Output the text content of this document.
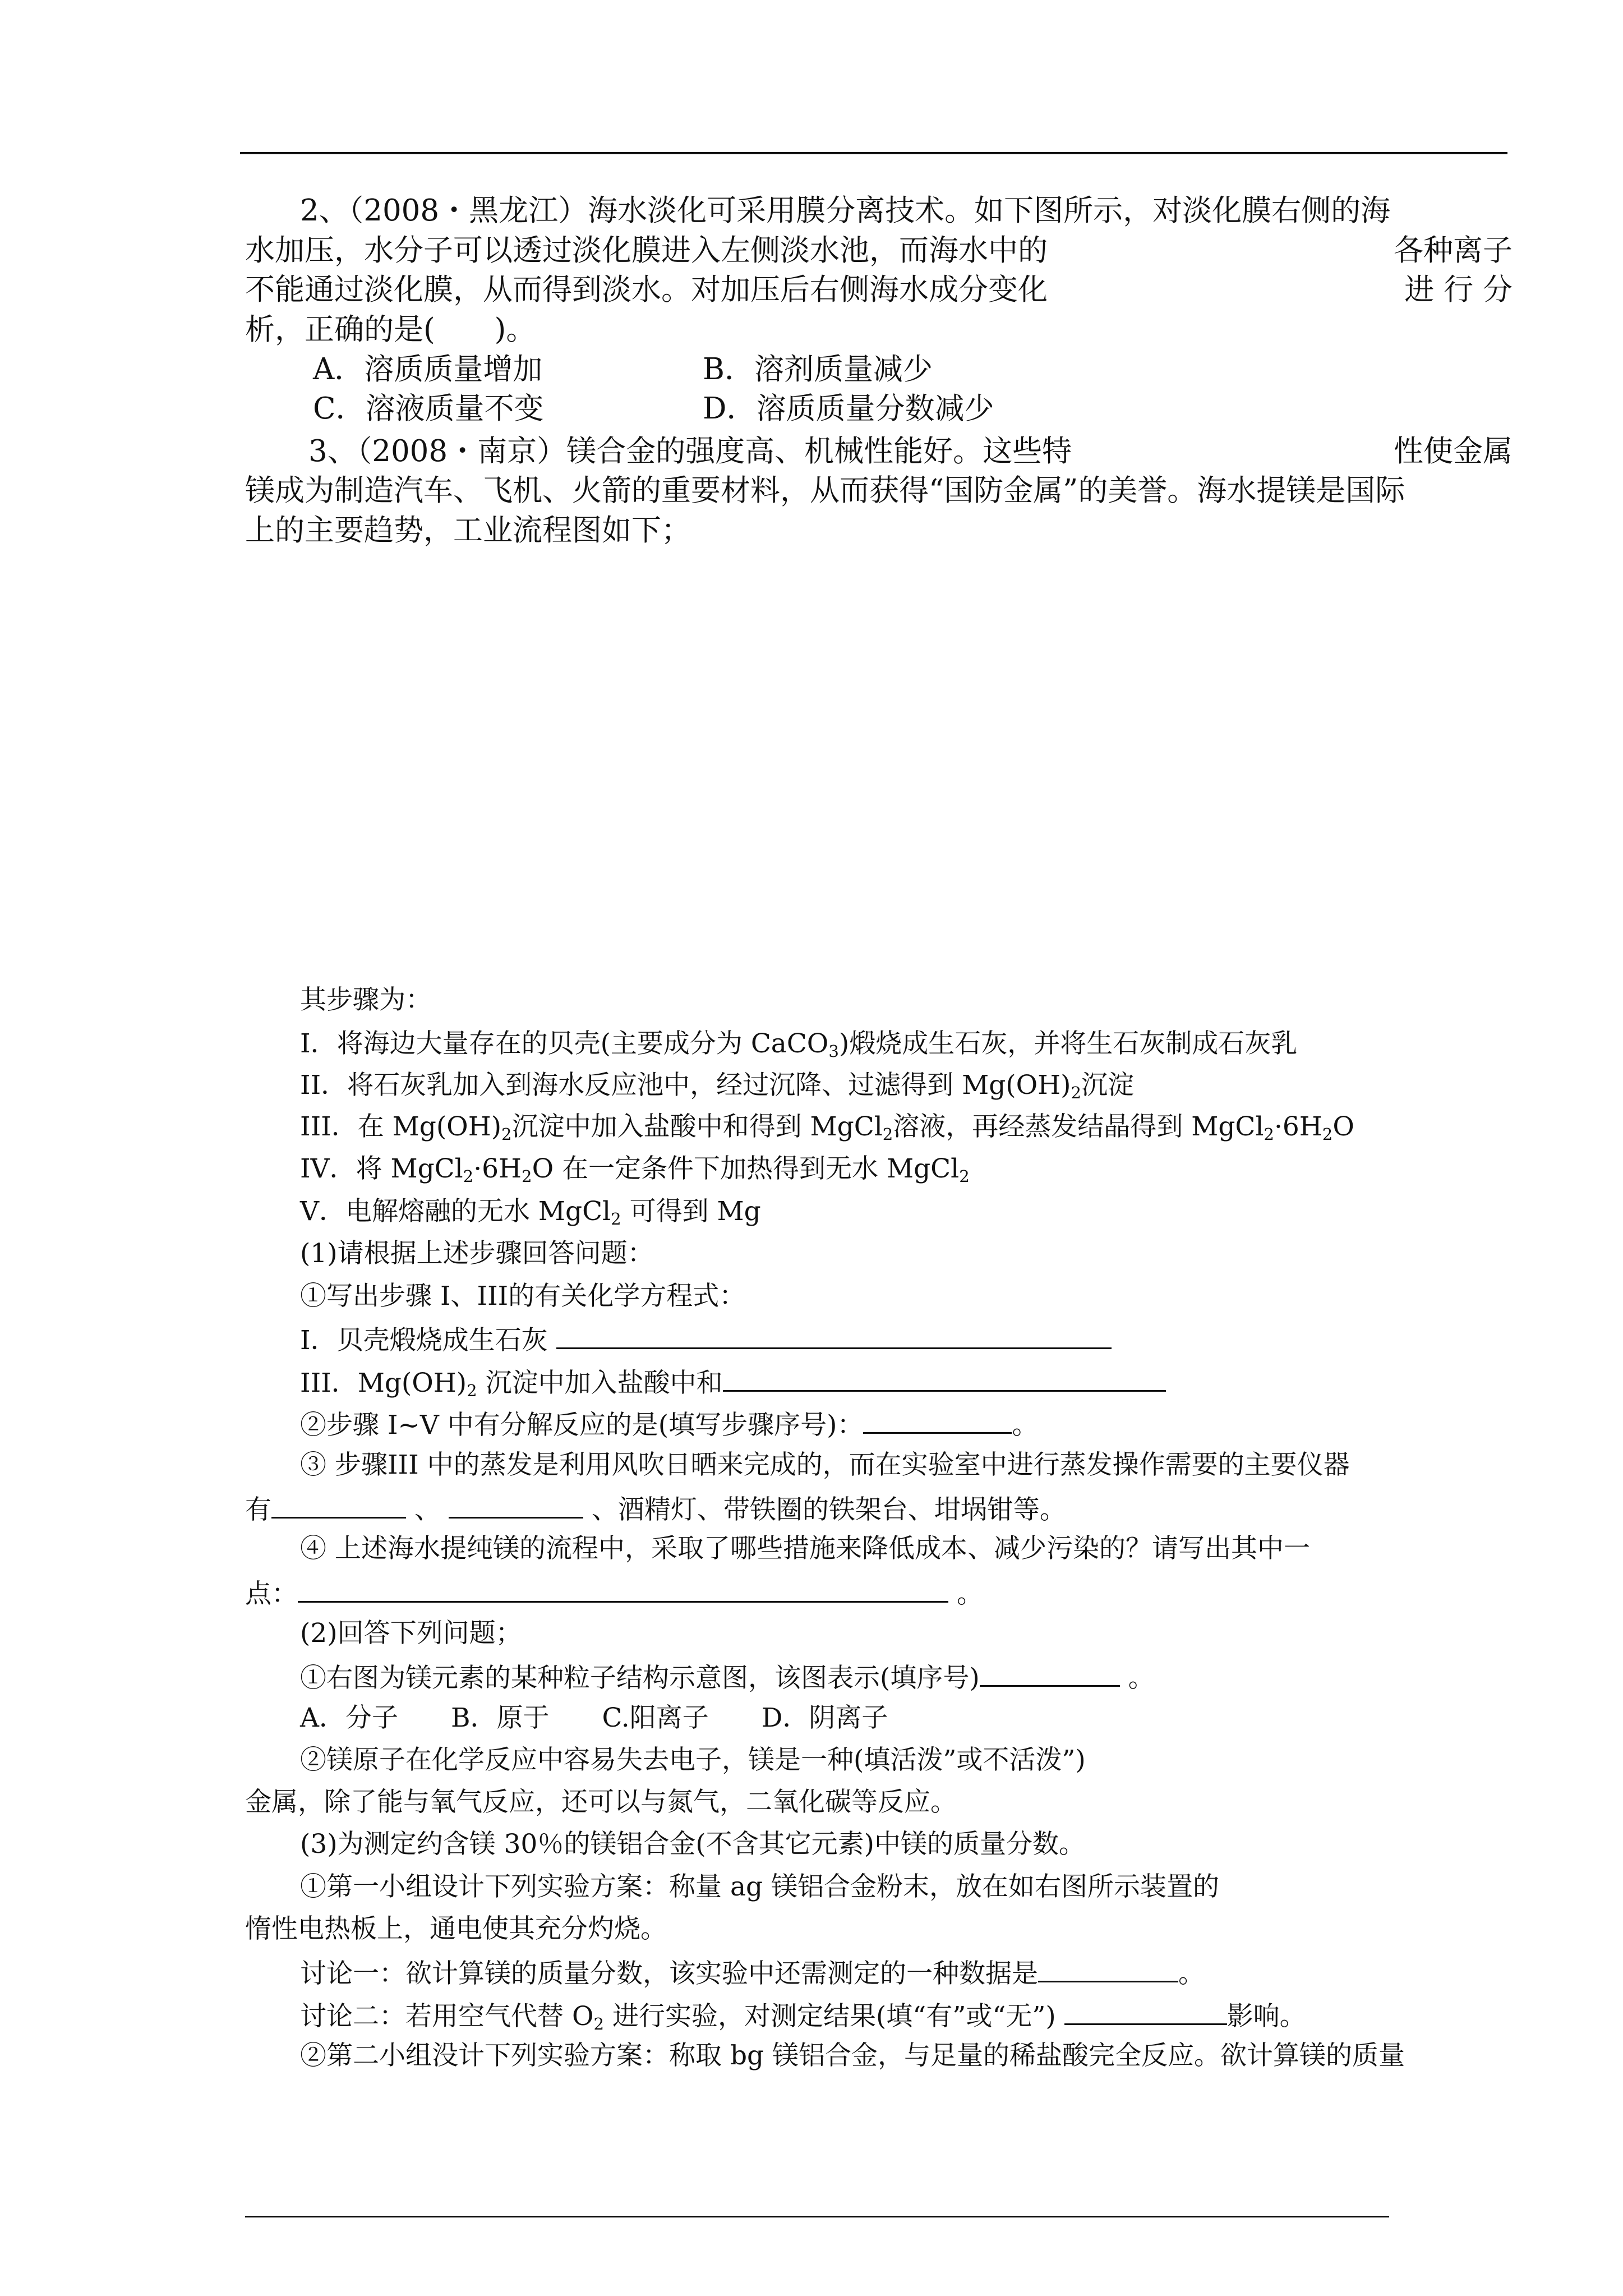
2、（2008・黑龙江）海水淡化可采用膜分离技术。如下图所示，对淡化膜右侧的海
水加压，水分子可以透过淡化膜进入左侧淡水池，而海水中的	各种离子
不能通过淡化膜，从而得到淡水。对加压后右侧海水成分变化	进 行 分
析，正确的是(　　)。
A．溶质质量增加	B．溶剂质量减少
C．溶液质量不变	D．溶质质量分数减少
3、（2008・南京）镁合金的强度高、机械性能好。这些特	性使金属
镁成为制造汽车、飞机、火箭的重要材料，从而获得“国防金属”的美誉。海水提镁是国际
上的主要趋势，工业流程图如下；
其步骤为：
I．将海边大量存在的贝壳(主要成分为 CaCO$_3$)煅烧成生石灰，并将生石灰制成石灰乳
II．将石灰乳加入到海水反应池中，经过沉降、过滤得到 $Mg(OH)_2$沉淀
III．在 $Mg(OH)_2$沉淀中加入盐酸中和得到 MgCl$_2$溶液，再经蒸发结晶得到 $MgCl_2\cdot 6H_2O$
IV．将 $MgCl_2\cdot 6H_2O$ 在一定条件下加热得到无水 MgCl$_2$
V．电解熔融的无水 MgCl$_2$ 可得到 Mg
(1)请根据上述步骤回答问题：
①写出步骤 I、III的有关化学方程式：
I．贝壳煅烧成生石灰
III．$Mg(OH)_2$ 沉淀中加入盐酸中和
②步骤 I~V 中有分解反应的是(填写步骤序号)：	。
③ 步骤III 中的蒸发是利用风吹日晒来完成的，而在实验室中进行蒸发操作需要的主要仪器
有	、	、酒精灯、带铁圈的铁架台、坩埚钳等。
④ 上述海水提纯镁的流程中，采取了哪些措施来降低成本、减少污染的？请写出其中一
点：	。
(2)回答下列问题；
①右图为镁元素的某种粒子结构示意图，该图表示(填序号)	。
A．分子　　B．原于　　C.阳离子　　D．阴离子
②镁原子在化学反应中容易失去电子，镁是一种(填活泼”或不活泼”)
金属，除了能与氧气反应，还可以与氮气，二氧化碳等反应。
(3)为测定约含镁 30％的镁铝合金(不含其它元素)中镁的质量分数。
①第一小组设计下列实验方案：称量 ag 镁铝合金粉末，放在如右图所示装置的
惰性电热板上，通电使其充分灼烧。
讨论一：欲计算镁的质量分数，该实验中还需测定的一种数据是	。
讨论二：若用空气代替 $O_2$ 进行实验，对测定结果(填“有”或“无”)	影响。
②第二小组没计下列实验方案：称取 bg 镁铝合金，与足量的稀盐酸完全反应。欲计算镁的质量
